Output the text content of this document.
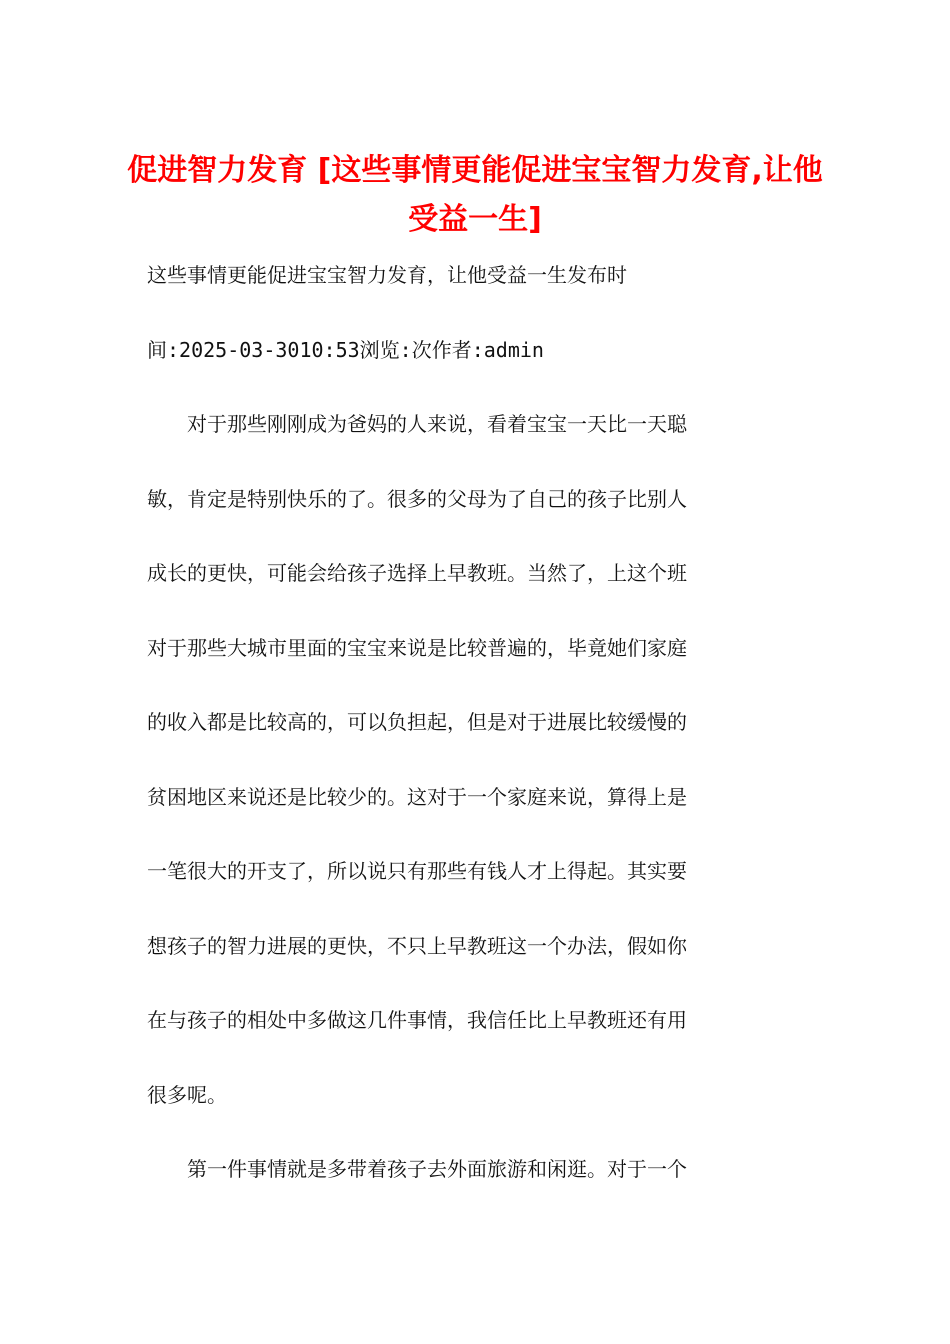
促进智力发育 [这些事情更能促进宝宝智力发育,让他受益一生]

这些事情更能促进宝宝智力发育，让他受益一生发布时

间:2025-03-3010:53浏览:次作者:admin

　　对于那些刚刚成为爸妈的人来说，看着宝宝一天比一天聪

敏，肯定是特别快乐的了。很多的父母为了自己的孩子比别人

成长的更快，可能会给孩子选择上早教班。当然了，上这个班

对于那些大城市里面的宝宝来说是比较普遍的，毕竟她们家庭

的收入都是比较高的，可以负担起，但是对于进展比较缓慢的

贫困地区来说还是比较少的。这对于一个家庭来说，算得上是

一笔很大的开支了，所以说只有那些有钱人才上得起。其实要

想孩子的智力进展的更快，不只上早教班这一个办法，假如你

在与孩子的相处中多做这几件事情，我信任比上早教班还有用

很多呢。

　　第一件事情就是多带着孩子去外面旅游和闲逛。对于一个
